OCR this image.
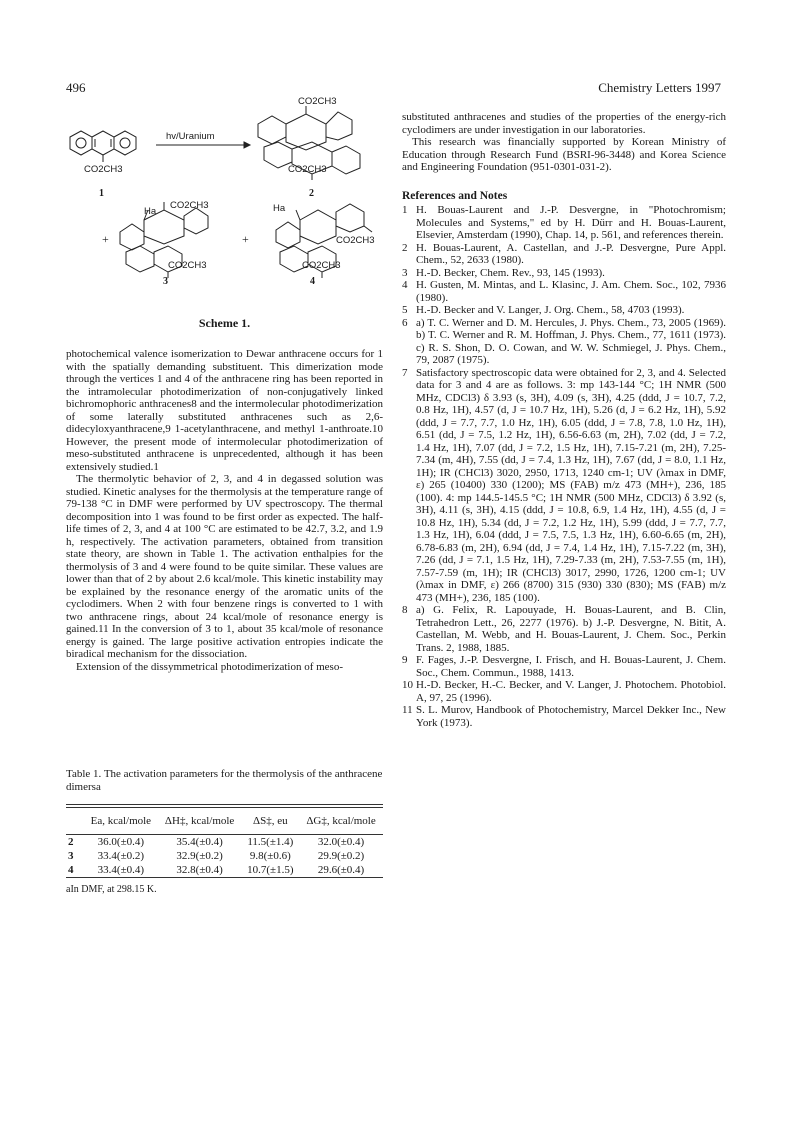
496	Chemistry Letters 1997
hv/Uranium
CO2CH3
1
CO2CH3
CO2CH3
2
Ha
CO2CH3
+
CO2CH3
3
Ha
+	CO2CH3
CO2CH3
4
Scheme 1.

photochemical valence isomerization to Dewar anthracene occurs for 1 with the spatially demanding substituent. This dimerization mode through the vertices 1 and 4 of the anthracene ring has been reported in the intramolecular photodimerization of non-conjugatively linked bichromophoric anthracenes8 and the intermolecular photodimerization of some laterally substituted anthracenes such as 2,6-didecyloxyanthracene,9 1-acetylanthracene, and methyl 1-anthroate.10 However, the present mode of intermolecular photodimerization of meso-substituted anthracene is unprecedented, although it has been extensively studied.1

The thermolytic behavior of 2, 3, and 4 in degassed solution was studied. Kinetic analyses for the thermolysis at the temperature range of 79-138 °C in DMF were performed by UV spectroscopy. The thermal decomposition into 1 was found to be first order as expected. The half-life times of 2, 3, and 4 at 100 °C are estimated to be 42.7, 3.2, and 1.9 h, respectively. The activation parameters, obtained from transition state theory, are shown in Table 1. The activation enthalpies for the thermolysis of 3 and 4 were found to be quite similar. These values are lower than that of 2 by about 2.6 kcal/mole. This kinetic instability may be explained by the resonance energy of the aromatic units of the cyclodimers. When 2 with four benzene rings is converted to 1 with two anthracene rings, about 24 kcal/mole of resonance energy is gained.11 In the conversion of 3 to 1, about 35 kcal/mole of resonance energy is gained. The large positive activation entropies indicate the biradical mechanism for the dissociation.

Extension of the dissymmetrical photodimerization of meso-

Table 1. The activation parameters for the thermolysis of the anthracene dimersa
	Ea, kcal/mole	ΔH‡, kcal/mole	ΔS‡, eu	ΔG‡, kcal/mole

2	36.0(±0.4)	35.4(±0.4)	11.5(±1.4)	32.0(±0.4)
3	33.4(±0.2)	32.9(±0.2)	9.8(±0.6)	29.9(±0.2)
4	33.4(±0.4)	32.8(±0.4)	10.7(±1.5)	29.6(±0.4)
aIn DMF, at 298.15 K.

substituted anthracenes and studies of the properties of the energy-rich cyclodimers are under investigation in our laboratories.

This research was financially supported by Korean Ministry of Education through Research Fund (BSRI-96-3448) and Korea Science and Engineering Foundation (951-0301-031-2).

References and Notes
1 H. Bouas-Laurent and J.-P. Desvergne, in "Photochromism; Molecules and Systems," ed by H. Dürr and H. Bouas-Laurent, Elsevier, Amsterdam (1990), Chap. 14, p. 561, and references therein.
2 H. Bouas-Laurent, A. Castellan, and J.-P. Desvergne, Pure Appl. Chem., 52, 2633 (1980).
3 H.-D. Becker, Chem. Rev., 93, 145 (1993).
4 H. Gusten, M. Mintas, and L. Klasinc, J. Am. Chem. Soc., 102, 7936 (1980).
5 H.-D. Becker and V. Langer, J. Org. Chem., 58, 4703 (1993).
6 a) T. C. Werner and D. M. Hercules, J. Phys. Chem., 73, 2005 (1969). b) T. C. Werner and R. M. Hoffman, J. Phys. Chem., 77, 1611 (1973). c) R. S. Shon, D. O. Cowan, and W. W. Schmiegel, J. Phys. Chem., 79, 2087 (1975).
7 Satisfactory spectroscopic data were obtained for 2, 3, and 4. Selected data for 3 and 4 are as follows. 3: mp 143-144 °C; 1H NMR (500 MHz, CDCl3) δ 3.93 (s, 3H), 4.09 (s, 3H), 4.25 (ddd, J = 10.7, 7.2, 0.8 Hz, 1H), 4.57 (d, J = 10.7 Hz, 1H), 5.26 (d, J = 6.2 Hz, 1H), 5.92 (ddd, J = 7.7, 7.7, 1.0 Hz, 1H), 6.05 (ddd, J = 7.8, 7.8, 1.0 Hz, 1H), 6.51 (dd, J = 7.5, 1.2 Hz, 1H), 6.56-6.63 (m, 2H), 7.02 (dd, J = 7.2, 1.4 Hz, 1H), 7.07 (dd, J = 7.2, 1.5 Hz, 1H), 7.15-7.21 (m, 2H), 7.25-7.34 (m, 4H), 7.55 (dd, J = 7.4, 1.3 Hz, 1H), 7.67 (dd, J = 8.0, 1.1 Hz, 1H); IR (CHCl3) 3020, 2950, 1713, 1240 cm-1; UV (λmax in DMF, ε) 265 (10400) 330 (1200); MS (FAB) m/z 473 (MH+), 236, 185 (100). 4: mp 144.5-145.5 °C; 1H NMR (500 MHz, CDCl3) δ 3.92 (s, 3H), 4.11 (s, 3H), 4.15 (ddd, J = 10.8, 6.9, 1.4 Hz, 1H), 4.55 (d, J = 10.8 Hz, 1H), 5.34 (dd, J = 7.2, 1.2 Hz, 1H), 5.99 (ddd, J = 7.7, 7.7, 1.3 Hz, 1H), 6.04 (ddd, J = 7.5, 7.5, 1.3 Hz, 1H), 6.60-6.65 (m, 2H), 6.78-6.83 (m, 2H), 6.94 (dd, J = 7.4, 1.4 Hz, 1H), 7.15-7.22 (m, 3H), 7.26 (dd, J = 7.1, 1.5 Hz, 1H), 7.29-7.33 (m, 2H), 7.53-7.55 (m, 1H), 7.57-7.59 (m, 1H); IR (CHCl3) 3017, 2990, 1726, 1200 cm-1; UV (λmax in DMF, ε) 266 (8700) 315 (930) 330 (830); MS (FAB) m/z 473 (MH+), 236, 185 (100).
8 a) G. Felix, R. Lapouyade, H. Bouas-Laurent, and B. Clin, Tetrahedron Lett., 26, 2277 (1976). b) J.-P. Desvergne, N. Bitit, A. Castellan, M. Webb, and H. Bouas-Laurent, J. Chem. Soc., Perkin Trans. 2, 1988, 1885.
9 F. Fages, J.-P. Desvergne, I. Frisch, and H. Bouas-Laurent, J. Chem. Soc., Chem. Commun., 1988, 1413.
10 H.-D. Becker, H.-C. Becker, and V. Langer, J. Photochem. Photobiol. A, 97, 25 (1996).
11 S. L. Murov, Handbook of Photochemistry, Marcel Dekker Inc., New York (1973).
